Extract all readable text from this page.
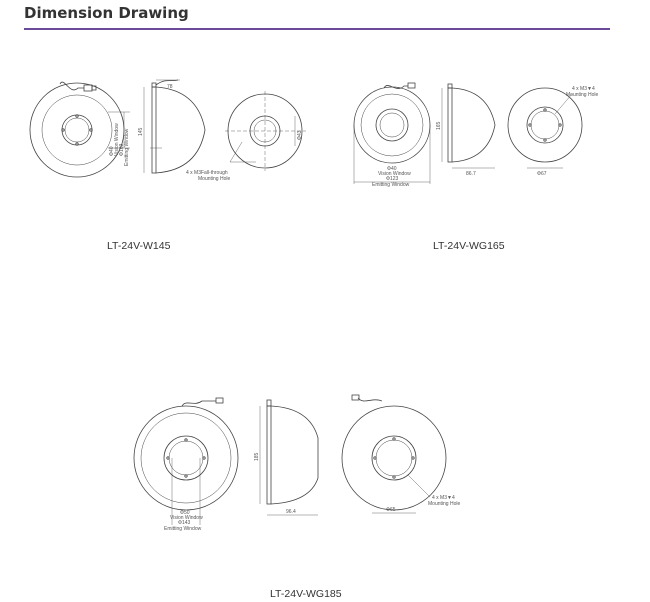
Dimension Drawing
Φ40 Vision Window Φ103 Emitting Window 145
78
Φ43
4 x M3Fall-through
Mounting Hole
LT-24V-W145
Φ40
Vision Window
Φ123
Emitting Window
165
86.7	Φ67
4 x M3▼4
Mounting Hole
LT-24V-WG165
Φ50
Vision Window
Φ143
Emitting Window
185
96.4	Φ65
4 x M3▼4
Mounting Hole
LT-24V-WG185
